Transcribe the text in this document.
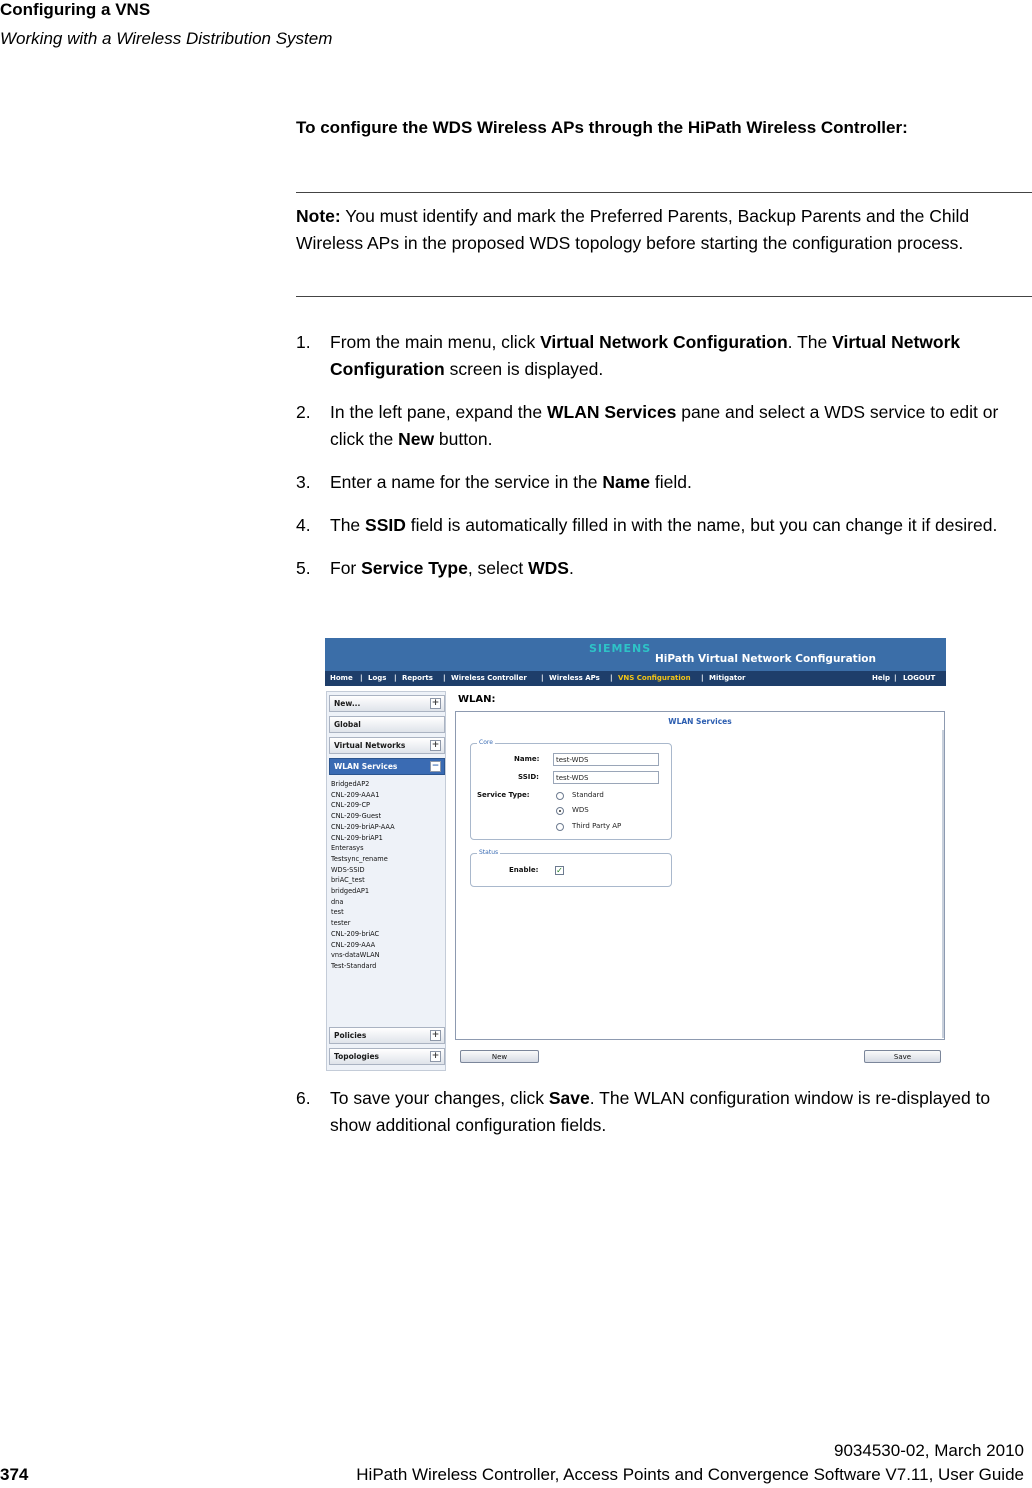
Configuring a VNS
Working with a Wireless Distribution System
To configure the WDS Wireless APs through the HiPath Wireless Controller:
Note: You must identify and mark the Preferred Parents, Backup Parents and the Child Wireless APs in the proposed WDS topology before starting the configuration process.
1. From the main menu, click Virtual Network Configuration. The Virtual Network Configuration screen is displayed.
2. In the left pane, expand the WLAN Services pane and select a WDS service to edit or click the New button.
3. Enter a name for the service in the Name field.
4. The SSID field is automatically filled in with the name, but you can change it if desired.
5. For Service Type, select WDS.
SIEMENS
HiPath Virtual Network Configuration
Home | Logs | Reports | Wireless Controller | Wireless APs | VNS Configuration | Mitigator	Help | LOGOUT
New...	+
Global
Virtual Networks	+
WLAN Services	−
BridgedAP2
CNL-209-AAA1
CNL-209-CP
CNL-209-Guest
CNL-209-briAP-AAA
CNL-209-briAP1
Enterasys
Testsync_rename
WDS-SSID
briAC_test
bridgedAP1
dna
test
tester
CNL-209-briAC
CNL-209-AAA
vns-dataWLAN
Test-Standard
Policies	+
Topologies	+
WLAN:
WLAN Services
Core
Name:	test-WDS
SSID:	test-WDS
Service Type:	Standard
WDS
Third Party AP
Status
Enable: ✓
New	Save
6.	To save your changes, click Save. The WLAN configuration window is re-displayed to show additional configuration fields.
9034530-02, March 2010
374	HiPath Wireless Controller, Access Points and Convergence Software V7.11, User Guide
